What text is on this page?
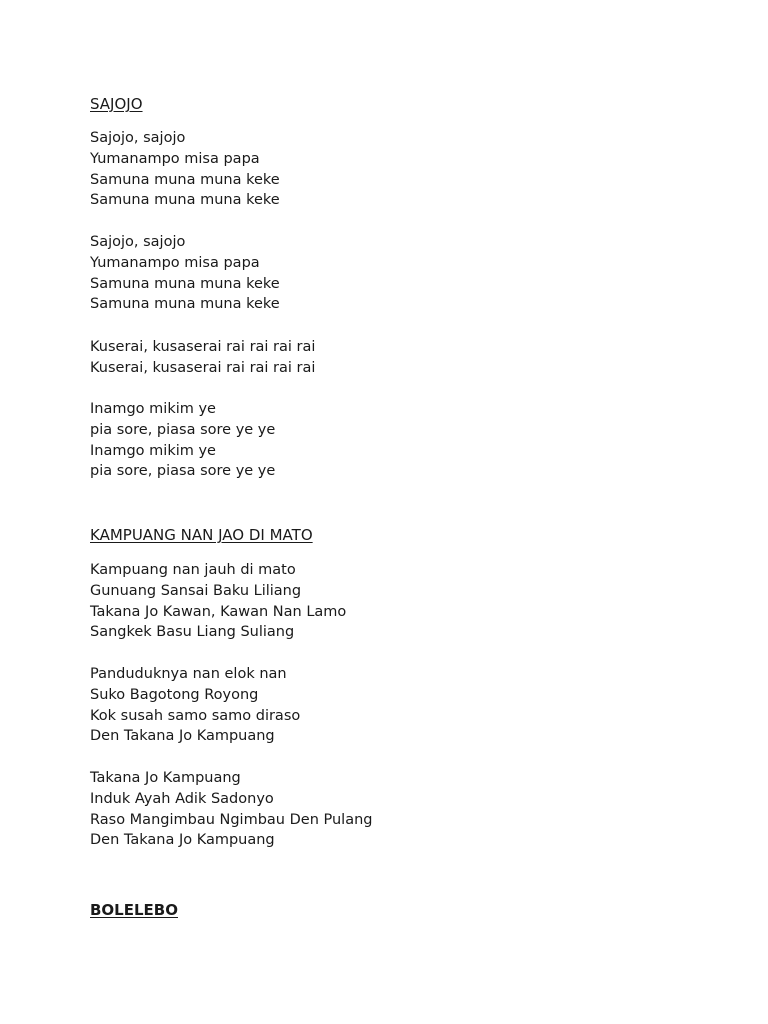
SAJOJO
Sajojo, sajojo
Yumanampo misa papa
Samuna muna muna keke
Samuna muna muna keke
Sajojo, sajojo
Yumanampo misa papa
Samuna muna muna keke
Samuna muna muna keke
Kuserai, kusaserai rai rai rai rai
Kuserai, kusaserai rai rai rai rai
Inamgo mikim ye
pia sore, piasa sore ye ye
Inamgo mikim ye
pia sore, piasa sore ye ye
KAMPUANG NAN JAO DI MATO
Kampuang nan jauh di mato
Gunuang Sansai Baku Liliang
Takana Jo Kawan, Kawan Nan Lamo
Sangkek Basu Liang Suliang
Panduduknya nan elok nan
Suko Bagotong Royong
Kok susah samo samo diraso
Den Takana Jo Kampuang
Takana Jo Kampuang
Induk Ayah Adik Sadonyo
Raso Mangimbau Ngimbau Den Pulang
Den Takana Jo Kampuang
BOLELEBO
